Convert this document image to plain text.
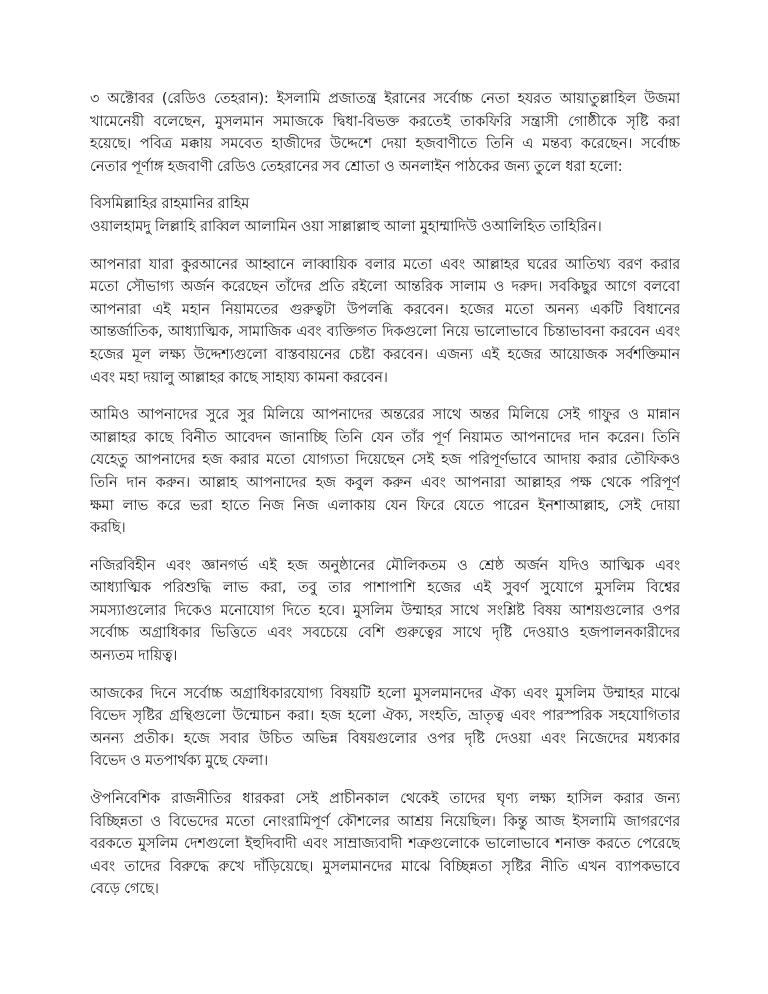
৩ অক্টোবর (রেডিও তেহরান): ইসলামি প্রজাতন্ত্র ইরানের সর্বোচ্চ নেতা হযরত আয়াতুল্লাহিল উজমা
খামেনেয়ী বলেছেন, মুসলমান সমাজকে দ্বিধা-বিভক্ত করতেই তাকফিরি সন্ত্রাসী গোষ্ঠীকে সৃষ্টি করা
হয়েছে। পবিত্র মক্কায় সমবেত হাজীদের উদ্দেশে দেয়া হজবাণীতে তিনি এ মন্তব্য করেছেন। সর্বোচ্চ
নেতার পূর্ণাঙ্গ হজবাণী রেডিও তেহরানের সব শ্রোতা ও অনলাইন পাঠকের জন্য তুলে ধরা হলো:
বিসমিল্লাহির রাহমানির রাহিম
ওয়ালহামদু লিল্লাহি রাব্বিল আলামিন ওয়া সাল্লাল্লাহু আলা মুহাম্মাদিউ ওআলিহিত তাহিরিন।
আপনারা যারা কুরআনের আহ্বানে লাব্বায়িক বলার মতো এবং আল্লাহর ঘরের আতিথ্য বরণ করার
মতো সৌভাগ্য অর্জন করেছেন তাঁদের প্রতি রইলো আন্তরিক সালাম ও দরুদ। সবকিছুর আগে বলবো
আপনারা এই মহান নিয়ামতের গুরুত্বটা উপলব্ধি করবেন। হজের মতো অনন্য একটি বিধানের
আন্তর্জাতিক, আধ্যাত্মিক, সামাজিক এবং ব্যক্তিগত দিকগুলো নিয়ে ভালোভাবে চিন্তাভাবনা করবেন এবং
হজের মূল লক্ষ্য উদ্দেশ্যগুলো বাস্তবায়নের চেষ্টা করবেন। এজন্য এই হজের আয়োজক সর্বশক্তিমান
এবং মহা দয়ালু আল্লাহর কাছে সাহায্য কামনা করবেন।
আমিও আপনাদের সুরে সুর মিলিয়ে আপনাদের অন্তরের সাথে অন্তর মিলিয়ে সেই গাফুর ও মান্নান
আল্লাহর কাছে বিনীত আবেদন জানাচ্ছি তিনি যেন তাঁর পূর্ণ নিয়ামত আপনাদের দান করেন। তিনি
যেহেতু আপনাদের হজ করার মতো যোগ্যতা দিয়েছেন সেই হজ পরিপূর্ণভাবে আদায় করার তৌফিকও
তিনি দান করুন। আল্লাহ আপনাদের হজ কবুল করুন এবং আপনারা আল্লাহর পক্ষ থেকে পরিপূর্ণ
ক্ষমা লাভ করে ভরা হাতে নিজ নিজ এলাকায় যেন ফিরে যেতে পারেন ইনশাআল্লাহ, সেই দোয়া
করছি।
নজিরবিহীন এবং জ্ঞানগর্ভ এই হজ অনুষ্ঠানের মৌলিকতম ও শ্রেষ্ঠ অর্জন যদিও আত্মিক এবং
আধ্যাত্মিক পরিশুদ্ধি লাভ করা, তবু তার পাশাপাশি হজের এই সুবর্ণ সুযোগে মুসলিম বিশ্বের
সমস্যাগুলোর দিকেও মনোযোগ দিতে হবে। মুসলিম উম্মাহর সাথে সংশ্লিষ্ট বিষয় আশয়গুলোর ওপর
সর্বোচ্চ অগ্রাধিকার ভিত্তিতে এবং সবচেয়ে বেশি গুরুত্বের সাথে দৃষ্টি দেওয়াও হজপালনকারীদের
অন্যতম দায়িত্ব।
আজকের দিনে সর্বোচ্চ অগ্রাধিকারযোগ্য বিষয়টি হলো মুসলমানদের ঐক্য এবং মুসলিম উম্মাহর মাঝে
বিভেদ সৃষ্টির গ্রন্থিগুলো উন্মোচন করা। হজ হলো ঐক্য, সংহতি, ভ্রাতৃত্ব এবং পারস্পরিক সহযোগিতার
অনন্য প্রতীক। হজে সবার উচিত অভিন্ন বিষয়গুলোর ওপর দৃষ্টি দেওয়া এবং নিজেদের মধ্যকার
বিভেদ ও মতপার্থক্য মুছে ফেলা।
ঔপনিবেশিক রাজনীতির ধারকরা সেই প্রাচীনকাল থেকেই তাদের ঘৃণ্য লক্ষ্য হাসিল করার জন্য
বিচ্ছিন্নতা ও বিভেদের মতো নোংরামিপূর্ণ কৌশলের আশ্রয় নিয়েছিল। কিন্তু আজ ইসলামি জাগরণের
বরকতে মুসলিম দেশগুলো ইহুদিবাদী এবং সাম্রাজ্যবাদী শত্রুগুলোকে ভালোভাবে শনাক্ত করতে পেরেছে
এবং তাদের বিরুদ্ধে রুখে দাঁড়িয়েছে। মুসলমানদের মাঝে বিচ্ছিন্নতা সৃষ্টির নীতি এখন ব্যাপকভাবে
বেড়ে গেছে।
